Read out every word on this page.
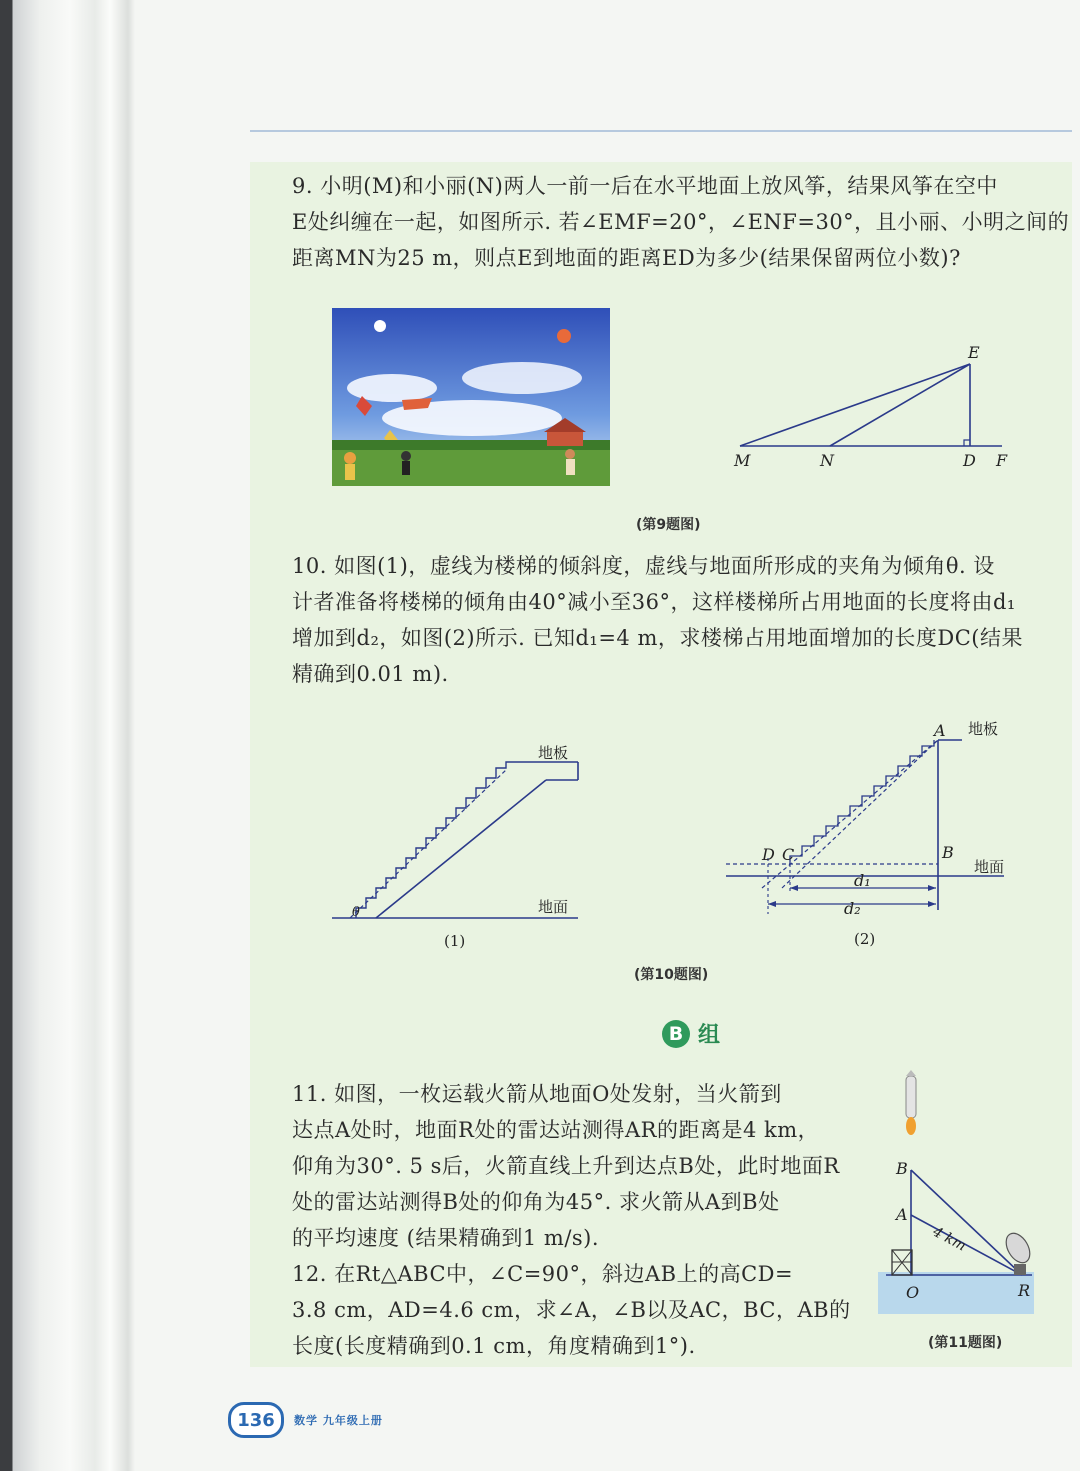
9. 小明(M)和小丽(N)两人一前一后在水平地面上放风筝，结果风筝在空中

E处纠缠在一起，如图所示. 若∠EMF=20°，∠ENF=30°，且小丽、小明之间的

距离MN为25 m，则点E到地面的距离ED为多少(结果保留两位小数)?

E
M	N	D F
(第9题图)

10. 如图(1)，虚线为楼梯的倾斜度，虚线与地面所形成的夹角为倾角θ. 设

计者准备将楼梯的倾角由40°减小至36°，这样楼梯所占用地面的长度将由d₁

增加到d₂，如图(2)所示. 已知d₁=4 m，求楼梯占用地面增加的长度DC(结果

精确到0.01 m).

θ
地板
地面
(1)
A 地板
B
地面
D C
d₁
d₂
(2)
(第10题图)
B 组

11. 如图，一枚运载火箭从地面O处发射，当火箭到

达点A处时，地面R处的雷达站测得AR的距离是4 km，

仰角为30°. 5 s后，火箭直线上升到达点B处，此时地面R

处的雷达站测得B处的仰角为45°. 求火箭从A到B处

的平均速度 (结果精确到1 m/s).

12. 在Rt△ABC中，∠C=90°，斜边AB上的高CD=

3.8 cm，AD=4.6 cm，求∠A，∠B以及AC，BC，AB的

长度(长度精确到0.1 cm，角度精确到1°).

B
A
4 km
O	R
(第11题图)
136	数学 九年级上册
